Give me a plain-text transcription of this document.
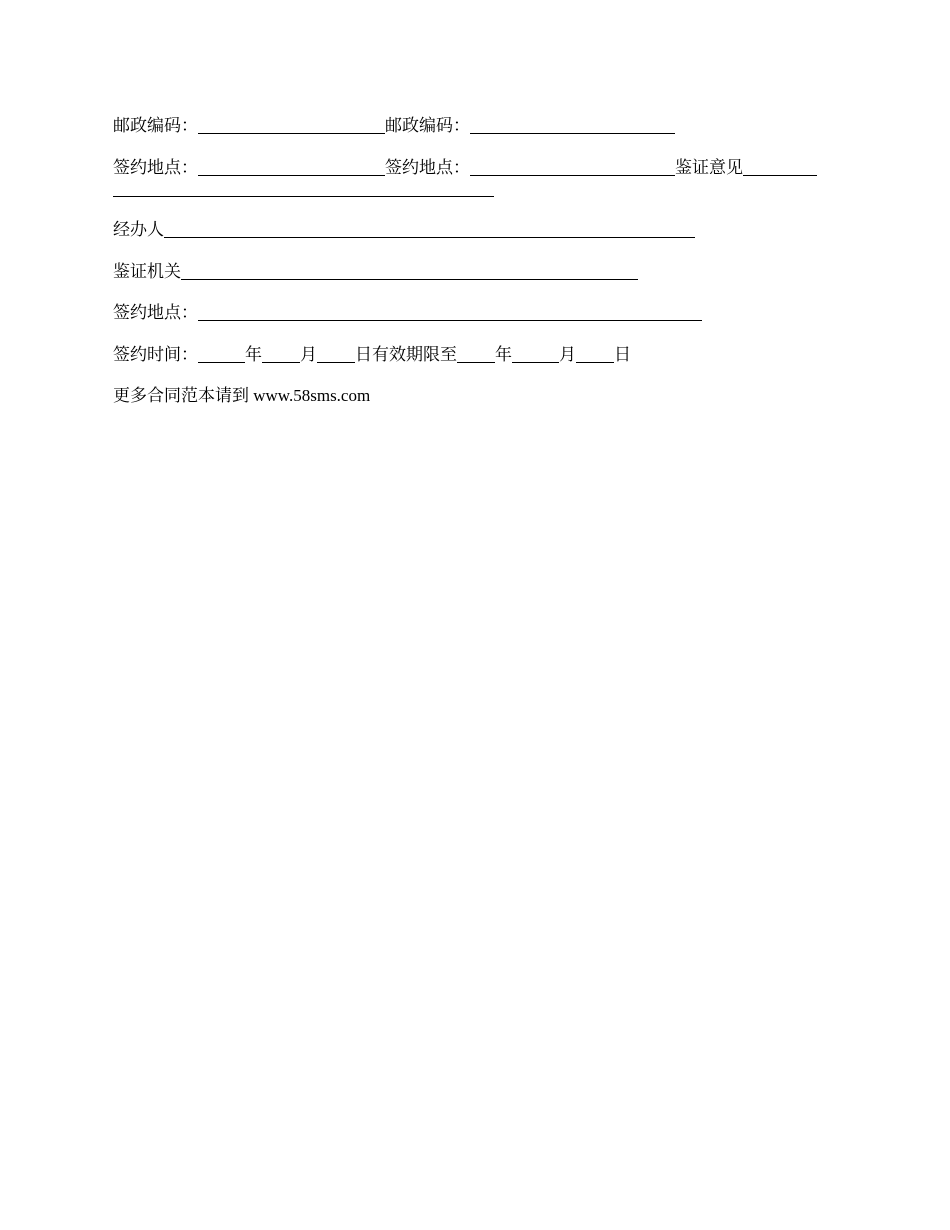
邮政编码：	邮政编码：
签约地点：	签约地点：	鉴证意见
经办人
鉴证机关
签约地点：
签约时间：	年 月 日有效期限至 年	月 日
更多合同范本请到 www.58sms.com
